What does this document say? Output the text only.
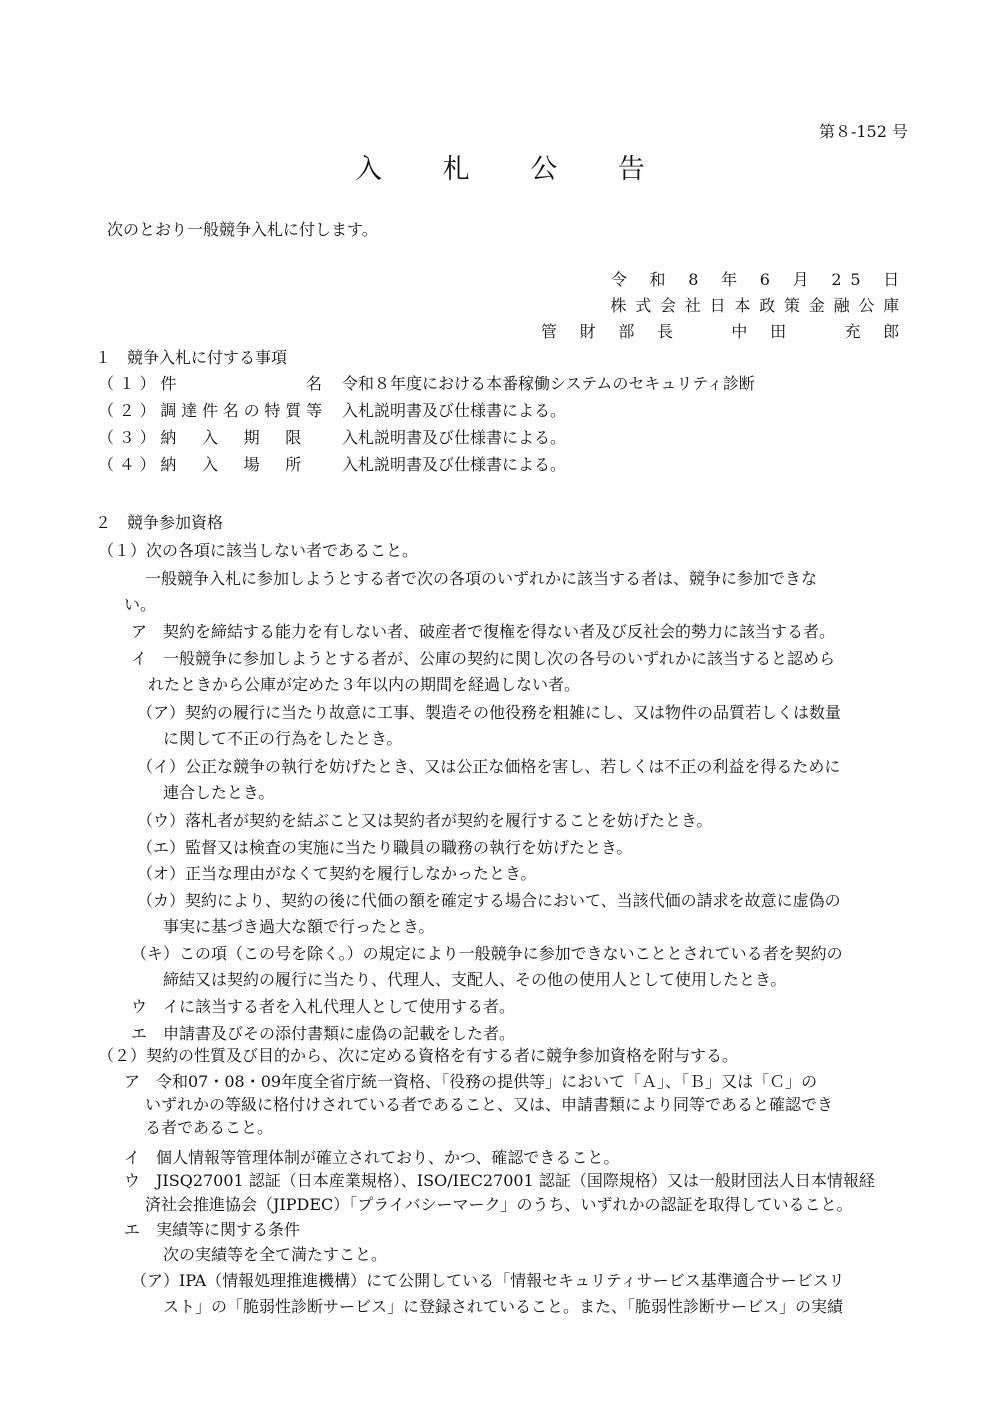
第８-152 号
入 札 公 告
次のとおり一般競争入札に付します。
令 和 8 年 6 月 25 日
株式会社日本政策金融公庫
管 財 部 長　　中 田　　充 郎
１　競争入札に付する事項
（１）件　　　　　　名 令和８年度における本番稼働システムのセキュリティ診断
（２）調達件名の特質等 入札説明書及び仕様書による。
（３）納　入　期　限 入札説明書及び仕様書による。
（４）納　入　場　所 入札説明書及び仕様書による。
２　競争参加資格
（１）次の各項に該当しない者であること。
一般競争入札に参加しようとする者で次の各項のいずれかに該当する者は、競争に参加できな
い。
ア　契約を締結する能力を有しない者、破産者で復権を得ない者及び反社会的勢力に該当する者。
イ　一般競争に参加しようとする者が、公庫の契約に関し次の各号のいずれかに該当すると認めら
れたときから公庫が定めた３年以内の期間を経過しない者。
（ア）契約の履行に当たり故意に工事、製造その他役務を粗雑にし、又は物件の品質若しくは数量
に関して不正の行為をしたとき。
（イ）公正な競争の執行を妨げたとき、又は公正な価格を害し、若しくは不正の利益を得るために
連合したとき。
（ウ）落札者が契約を結ぶこと又は契約者が契約を履行することを妨げたとき。
（エ）監督又は検査の実施に当たり職員の職務の執行を妨げたとき。
（オ）正当な理由がなくて契約を履行しなかったとき。
（カ）契約により、契約の後に代価の額を確定する場合において、当該代価の請求を故意に虚偽の
事実に基づき過大な額で行ったとき。
（キ）この項（この号を除く。）の規定により一般競争に参加できないこととされている者を契約の
締結又は契約の履行に当たり、代理人、支配人、その他の使用人として使用したとき。
ウ　イに該当する者を入札代理人として使用する者。
エ　申請書及びその添付書類に虚偽の記載をした者。
（２）契約の性質及び目的から、次に定める資格を有する者に競争参加資格を附与する。
ア　令和07・08・09年度全省庁統一資格、「役務の提供等」において「Ａ」、「Ｂ」又は「Ｃ」の
いずれかの等級に格付けされている者であること、又は、申請書類により同等であると確認でき
る者であること。
イ　個人情報等管理体制が確立されており、かつ、確認できること。
ウ　JISQ27001 認証（日本産業規格）、ISO/IEC27001 認証（国際規格）又は一般財団法人日本情報経
済社会推進協会（JIPDEC）「プライバシーマーク」のうち、いずれかの認証を取得していること。
エ　実績等に関する条件
次の実績等を全て満たすこと。
（ア）IPA（情報処理推進機構）にて公開している「情報セキュリティサービス基準適合サービスリ
スト」の「脆弱性診断サービス」に登録されていること。また、「脆弱性診断サービス」の実績
